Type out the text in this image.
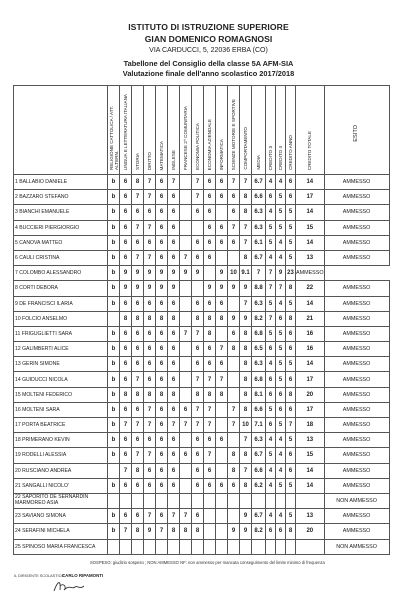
ISTITUTO DI ISTRUZIONE SUPERIORE
GIAN DOMENICO ROMAGNOSI
VIA CARDUCCI, 5, 22036 ERBA (CO)
Tabellone del Consiglio della classe 5A AFM-SIA
Valutazione finale dell'anno scolastico 2017/2018
	RELIGIONE CATTOLICA / ATT. ALTERN.	LINGUA E LETTERATURA ITALIANA	STORIA	DIRITTO	MATEMATICA	INGLESE	FRANCESE 2^ COMUNITARIA	ECONOMIA POLITICA	ECONOMIA AZIENDALE	INFORMATICA	SCIENZE MOTORIE E SPORTIVE	COMPORTAMENTO	MEDIA	CREDITO 3	CREDITO 4	CREDITO ANNO	CREDITO TOTALE	ESITO
1 BALLABIO DANIELE	b	6	8	7	6	7		7	6	6	7	7	6.7	4	4	6	14	AMMESSO
2 BAZZARO STEFANO	b	6	7	7	6	6		7	6	6	6	8	6.6	6	5	6	17	AMMESSO
3 BIANCHI EMANUELE	b	6	6	6	6	6		6	6		6	8	6.3	4	5	5	14	AMMESSO
4 BUCCIERI PIERGIORGIO	b	6	7	7	6	6			6	6	7	7	6.3	5	5	5	15	AMMESSO
5 CANOVA MATTEO	b	6	6	6	6	6		6	6	6	6	7	6.1	5	4	5	14	AMMESSO
6 CAULI CRISTINA	b	6	7	7	6	6	7	6	6			8	6.7	4	4	5	13	AMMESSO
7 COLOMBO ALESSANDRO	b	9	9	9	9	9	9	9		9	10	9.1	7	7	9	23	AMMESSO	
8 CORTI DEBORA	b	9	9	9	9	9			9	9	9	9	8.8	7	7	8	22	AMMESSO
9 DE FRANCISCI ILARIA	b	6	6	6	6	6		6	6	6		7	6.3	5	4	5	14	AMMESSO
10 FOLCIO ANSELMO		8	8	8	8	8		8	8	8	9	9	8.2	7	6	8	21	AMMESSO
11 FRIGUGLIETTI SARA	b	6	6	6	6	6	7	7	8		6	8	6.8	5	5	6	16	AMMESSO
12 GALIMBERTI ALICE	b	6	6	6	6	6		6	6	7	8	8	6.5	6	5	6	16	AMMESSO
13 GERIN SIMONE	b	6	6	6	6	6		6	6	6		8	6.3	4	5	5	14	AMMESSO
14 GUIDUCCI NICOLA	b	6	7	6	6	6		7	7	7		8	6.8	6	5	6	17	AMMESSO
15 MOLTENI FEDERICO	b	8	8	8	8	8		8	8	8		8	8.1	6	6	8	20	AMMESSO
16 MOLTENI SARA	b	6	6	7	6	6	6	7	7		7	8	6.6	5	6	6	17	AMMESSO
17 PORTA BEATRICE	b	7	7	7	6	7	7	7	7		7	10	7.1	6	5	7	18	AMMESSO
18 PRIMERANO KEVIN	b	6	6	6	6	6		6	6	6		7	6.3	4	4	5	13	AMMESSO
19 RODELLI ALESSIA	b	6	7	7	6	6	6	6	7		8	8	6.7	5	4	6	15	AMMESSO
20 RUSCIANO ANDREA		7	8	6	6	6		6	6		8	7	6.6	4	4	6	14	AMMESSO
21 SANGALLI NICOLO'	b	6	6	6	6	6		6	6	6	6	8	6.2	4	5	5	14	AMMESSO
22 SAPORITO DE SERNARDIN MARMOREO ASIA																		NON AMMESSO
23 SAVIANO SIMONA	b	6	6	7	6	7	7	6				9	6.7	4	4	5	13	AMMESSO
24 SERAFINI MICHELA	b	7	8	9	7	8	8	8			9	9	8.2	6	6	8	20	AMMESSO
25 SPINOSO MARIA FRANCESCA																		NON AMMESSO
SOSPESO: giudizio sospeso ; NON AMMESSO NF: non ammesso per mancata conseguimento del limite minimo di frequenza
IL DIRIGENTE SCOLASTICO
CARLO RIPAMONTI
